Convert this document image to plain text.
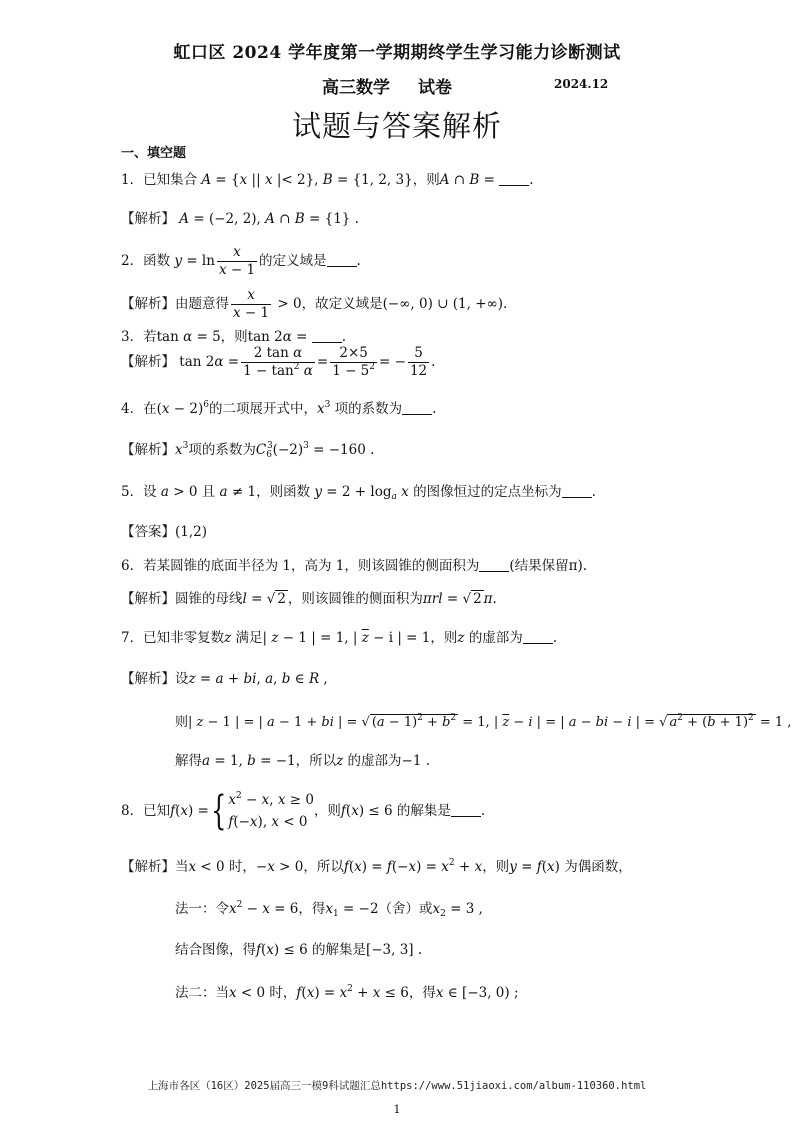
虹口区 2024 学年度第一学期期终学生学习能力诊断测试
高三数学 试卷	2024.12
试题与答案解析
一、填空题
1．已知集合 A = {x || x |< 2}, B = {1, 2, 3}，则A ∩ B = .
【解析】 A = (−2, 2), A ∩ B = {1} .
2．函数 $y = \ln \frac{x}{x - 1}$ 的定义域是 .
【解析】由题意得 $\frac{x}{x - 1} > 0$，故定义域是(−∞, 0) ∪ (1, +∞).
3．若tan α = 5，则tan 2α = .
【解析】 $\tan 2\alpha = \frac{\text{2 tan α}}{1 - \tan^2 \alpha} = \frac{2\times 5}{1 - 5^2}$ = − $\frac{5}{12}$ .
4．在$(x - 2)^6$的二项展开式中，$x^3$ 项的系数为 .
【解析】$x^3$项的系数为$C_6^3(-2)^3 = -160$ .
5．设 a > 0 且 a ≠ 1，则函数 $y = 2 + \log_a x$ 的图像恒过的定点坐标为 .
【答案】(1,2)
6．若某圆锥的底面半径为 1，高为 1，则该圆锥的侧面积为 (结果保留π).
【解析】圆锥的母线l = √ 2 ，则该圆锥的侧面积为πrl = √ 2 π.
7．已知非零复数z 满足| z − 1 | = 1, | $\overline{z} - i$ | = 1，则z 的虚部为 .
【解析】设z = a + bi, a, b ∈ R ,
则| z − 1 | = | a − 1 + bi | = √ $(a - 1)^2 + b^2 = 1$, | $\overline{z} - i$ | = | a − bi − i | = √ $a^2 + (b + 1)^2 = 1$ ,
解得a = 1, b = −1，所以z 的虚部为−1 .
8．已知f(x) ={ $x^2 - x$, x ≥ 0
f(−x), x < 0
，则f(x) ≤ 6 的解集是 .
【解析】当x < 0 时，−x > 0，所以$f(x) = f(-x) = x^2 + x$，则y = f(x) 为偶函数，
法一：令$x^2 - x = 6$，得$x_1 = -2$（舍）或$x_2 = 3$ ,
结合图像，得f(x) ≤ 6 的解集是[−3, 3] .
法二：当x < 0 时，$f(x) = x^2 + x \le 6$，得x ∈ [−3, 0) ;
上海市各区（16区）2025届高三一模9科试题汇总https://www.51jiaoxi.com/album-110360.html
1
